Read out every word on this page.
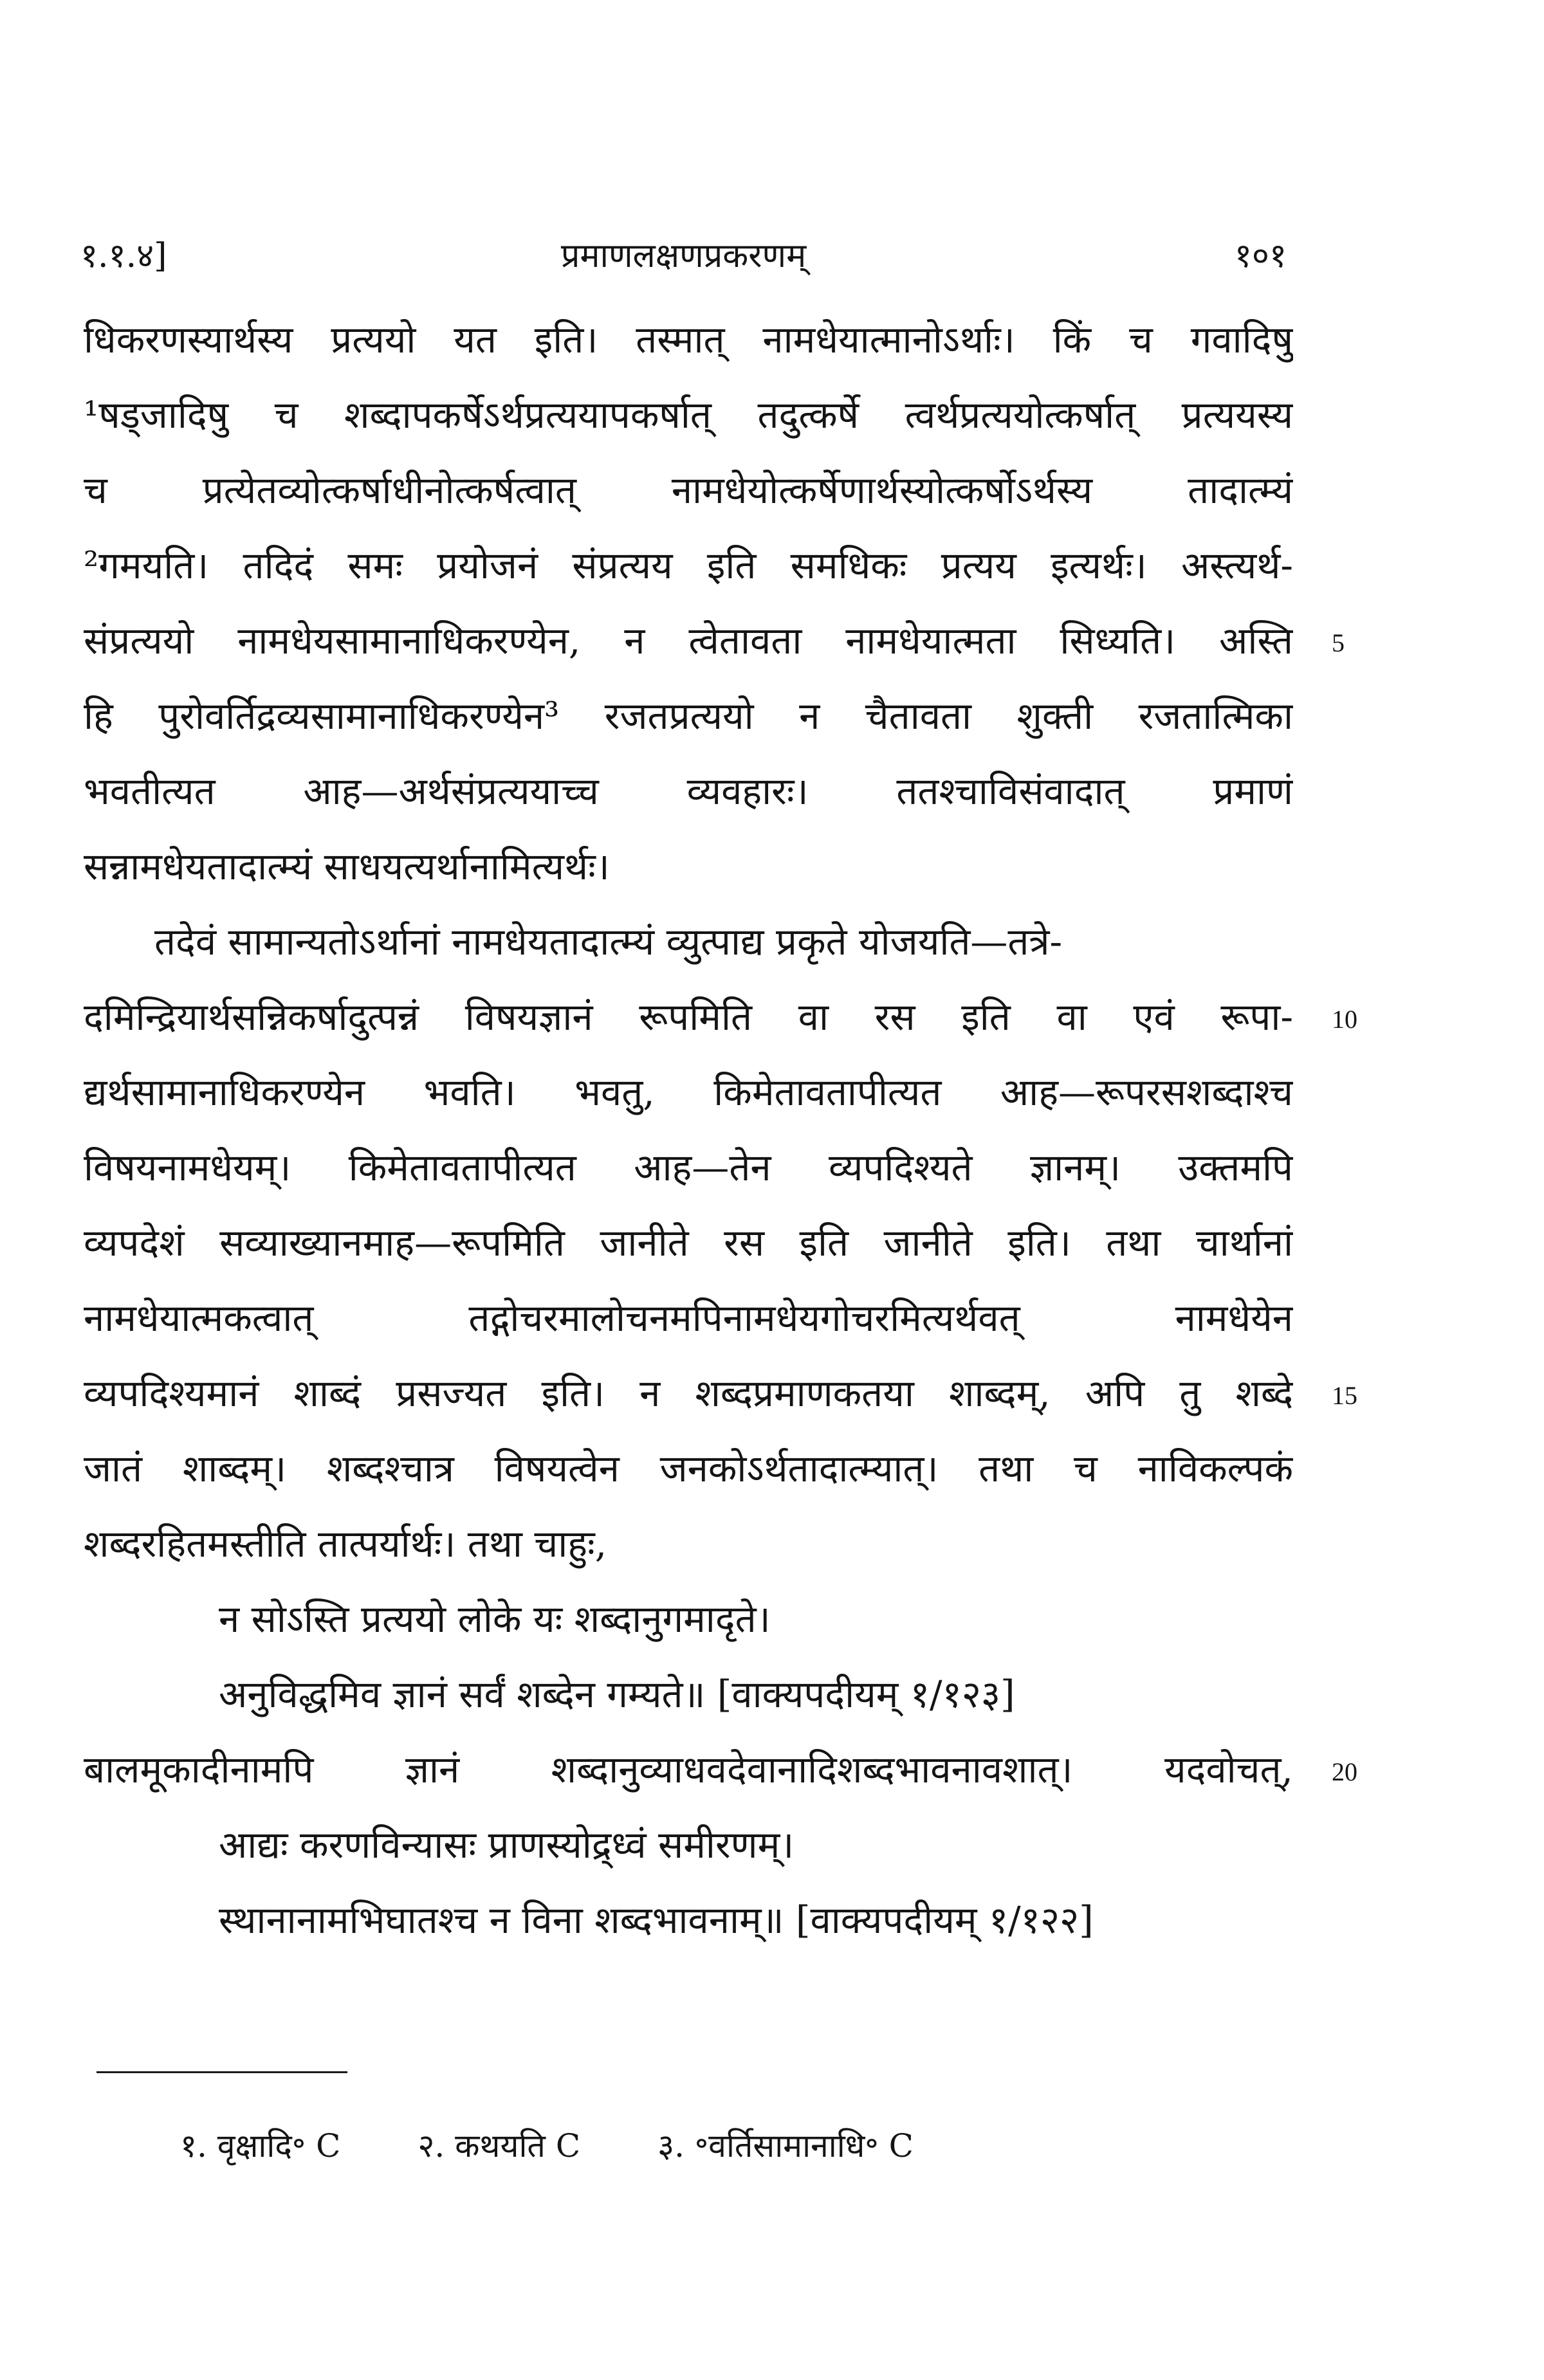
१.१.४]	प्रमाणलक्षणप्रकरणम्	१०१
धिकरणस्यार्थस्य प्रत्ययो यत इति। तस्मात् नामधेयात्मानोऽर्थाः। किं च गवादिषु
¹षड्जादिषु च शब्दापकर्षेऽर्थप्रत्ययापकर्षात् तदुत्कर्षे त्वर्थप्रत्ययोत्कर्षात् प्रत्ययस्य
च प्रत्येतव्योत्कर्षाधीनोत्कर्षत्वात् नामधेयोत्कर्षेणार्थस्योत्कर्षोऽर्थस्य तादात्म्यं
²गमयति। तदिदं समः प्रयोजनं संप्रत्यय इति समधिकः प्रत्यय इत्यर्थः। अस्त्यर्थ-
संप्रत्ययो नामधेयसामानाधिकरण्येन, न त्वेतावता नामधेयात्मता सिध्यति। अस्ति
हि पुरोवर्तिद्रव्यसामानाधिकरण्येन³ रजतप्रत्ययो न चैतावता शुक्ती रजतात्मिका
भवतीत्यत आह—अर्थसंप्रत्ययाच्च व्यवहारः। ततश्चाविसंवादात् प्रमाणं
सन्नामधेयतादात्म्यं साधयत्यर्थानामित्यर्थः।
तदेवं सामान्यतोऽर्थानां नामधेयतादात्म्यं व्युत्पाद्य प्रकृते योजयति—तत्रे-
दमिन्द्रियार्थसन्निकर्षादुत्पन्नं विषयज्ञानं रूपमिति वा रस इति वा एवं रूपा-
द्यर्थसामानाधिकरण्येन भवति। भवतु, किमेतावतापीत्यत आह—रूपरसशब्दाश्च
विषयनामधेयम्। किमेतावतापीत्यत आह—तेन व्यपदिश्यते ज्ञानम्। उक्तमपि
व्यपदेशं सव्याख्यानमाह—रूपमिति जानीते रस इति जानीते इति। तथा चार्थानां
नामधेयात्मकत्वात् तद्गोचरमालोचनमपिनामधेयगोचरमित्यर्थवत् नामधेयेन
व्यपदिश्यमानं शाब्दं प्रसज्यत इति। न शब्दप्रमाणकतया शाब्दम्, अपि तु शब्दे
जातं शाब्दम्। शब्दश्चात्र विषयत्वेन जनकोऽर्थतादात्म्यात्। तथा च नाविकल्पकं
शब्दरहितमस्तीति तात्पर्यार्थः। तथा चाहुः,
न सोऽस्ति प्रत्ययो लोके यः शब्दानुगमादृते।
अनुविद्धमिव ज्ञानं सर्वं शब्देन गम्यते॥ [वाक्यपदीयम् १/१२३]
बालमूकादीनामपि ज्ञानं शब्दानुव्याधवदेवानादिशब्दभावनावशात्। यदवोचत्,
आद्यः करणविन्यासः प्राणस्योद्र्ध्वं समीरणम्।
स्थानानामभिघातश्च न विना शब्दभावनाम्॥ [वाक्यपदीयम् १/१२२]
5
10
15
20
१. वृक्षादि॰ C २. कथयति C ३. ॰वर्तिसामानाधि॰ C
